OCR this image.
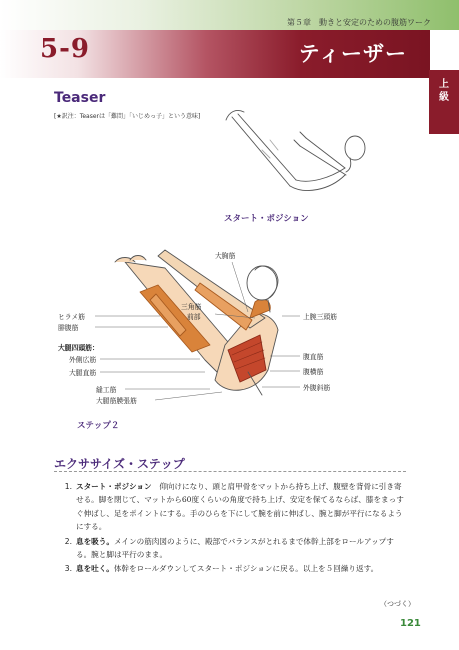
第５章　動きと安定のための腹筋ワーク
5-9	ティーザー
上級
Teaser
[★訳注：Teaserは「難問」「いじめっ子」という意味]
スタート・ポジション
大胸筋
三角筋
前部	上腕三頭筋
ヒラメ筋
腓腹筋
大腿四頭筋：
外側広筋
大腿直筋
腹直筋
腹横筋
外腹斜筋
縫工筋
大腿筋膜張筋
ステップ２
エクササイズ・ステップ
1. スタート・ポジション　仰向けになり、頭と肩甲骨をマットから持ち上げ、腹壁を背骨に引き寄せる。脚を閉じて、マットから60度くらいの角度で持ち上げ、安定を保てるならば、膝をまっすぐ伸ばし、足をポイントにする。手のひらを下にして腕を前に伸ばし、腕と脚が平行になるようにする。
2. 息を吸う。メインの筋肉図のように、殿部でバランスがとれるまで体幹上部をロールアップする。腕と脚は平行のまま。
3. 息を吐く。体幹をロールダウンしてスタート・ポジションに戻る。以上を５回繰り返す。
（つづく）
121
